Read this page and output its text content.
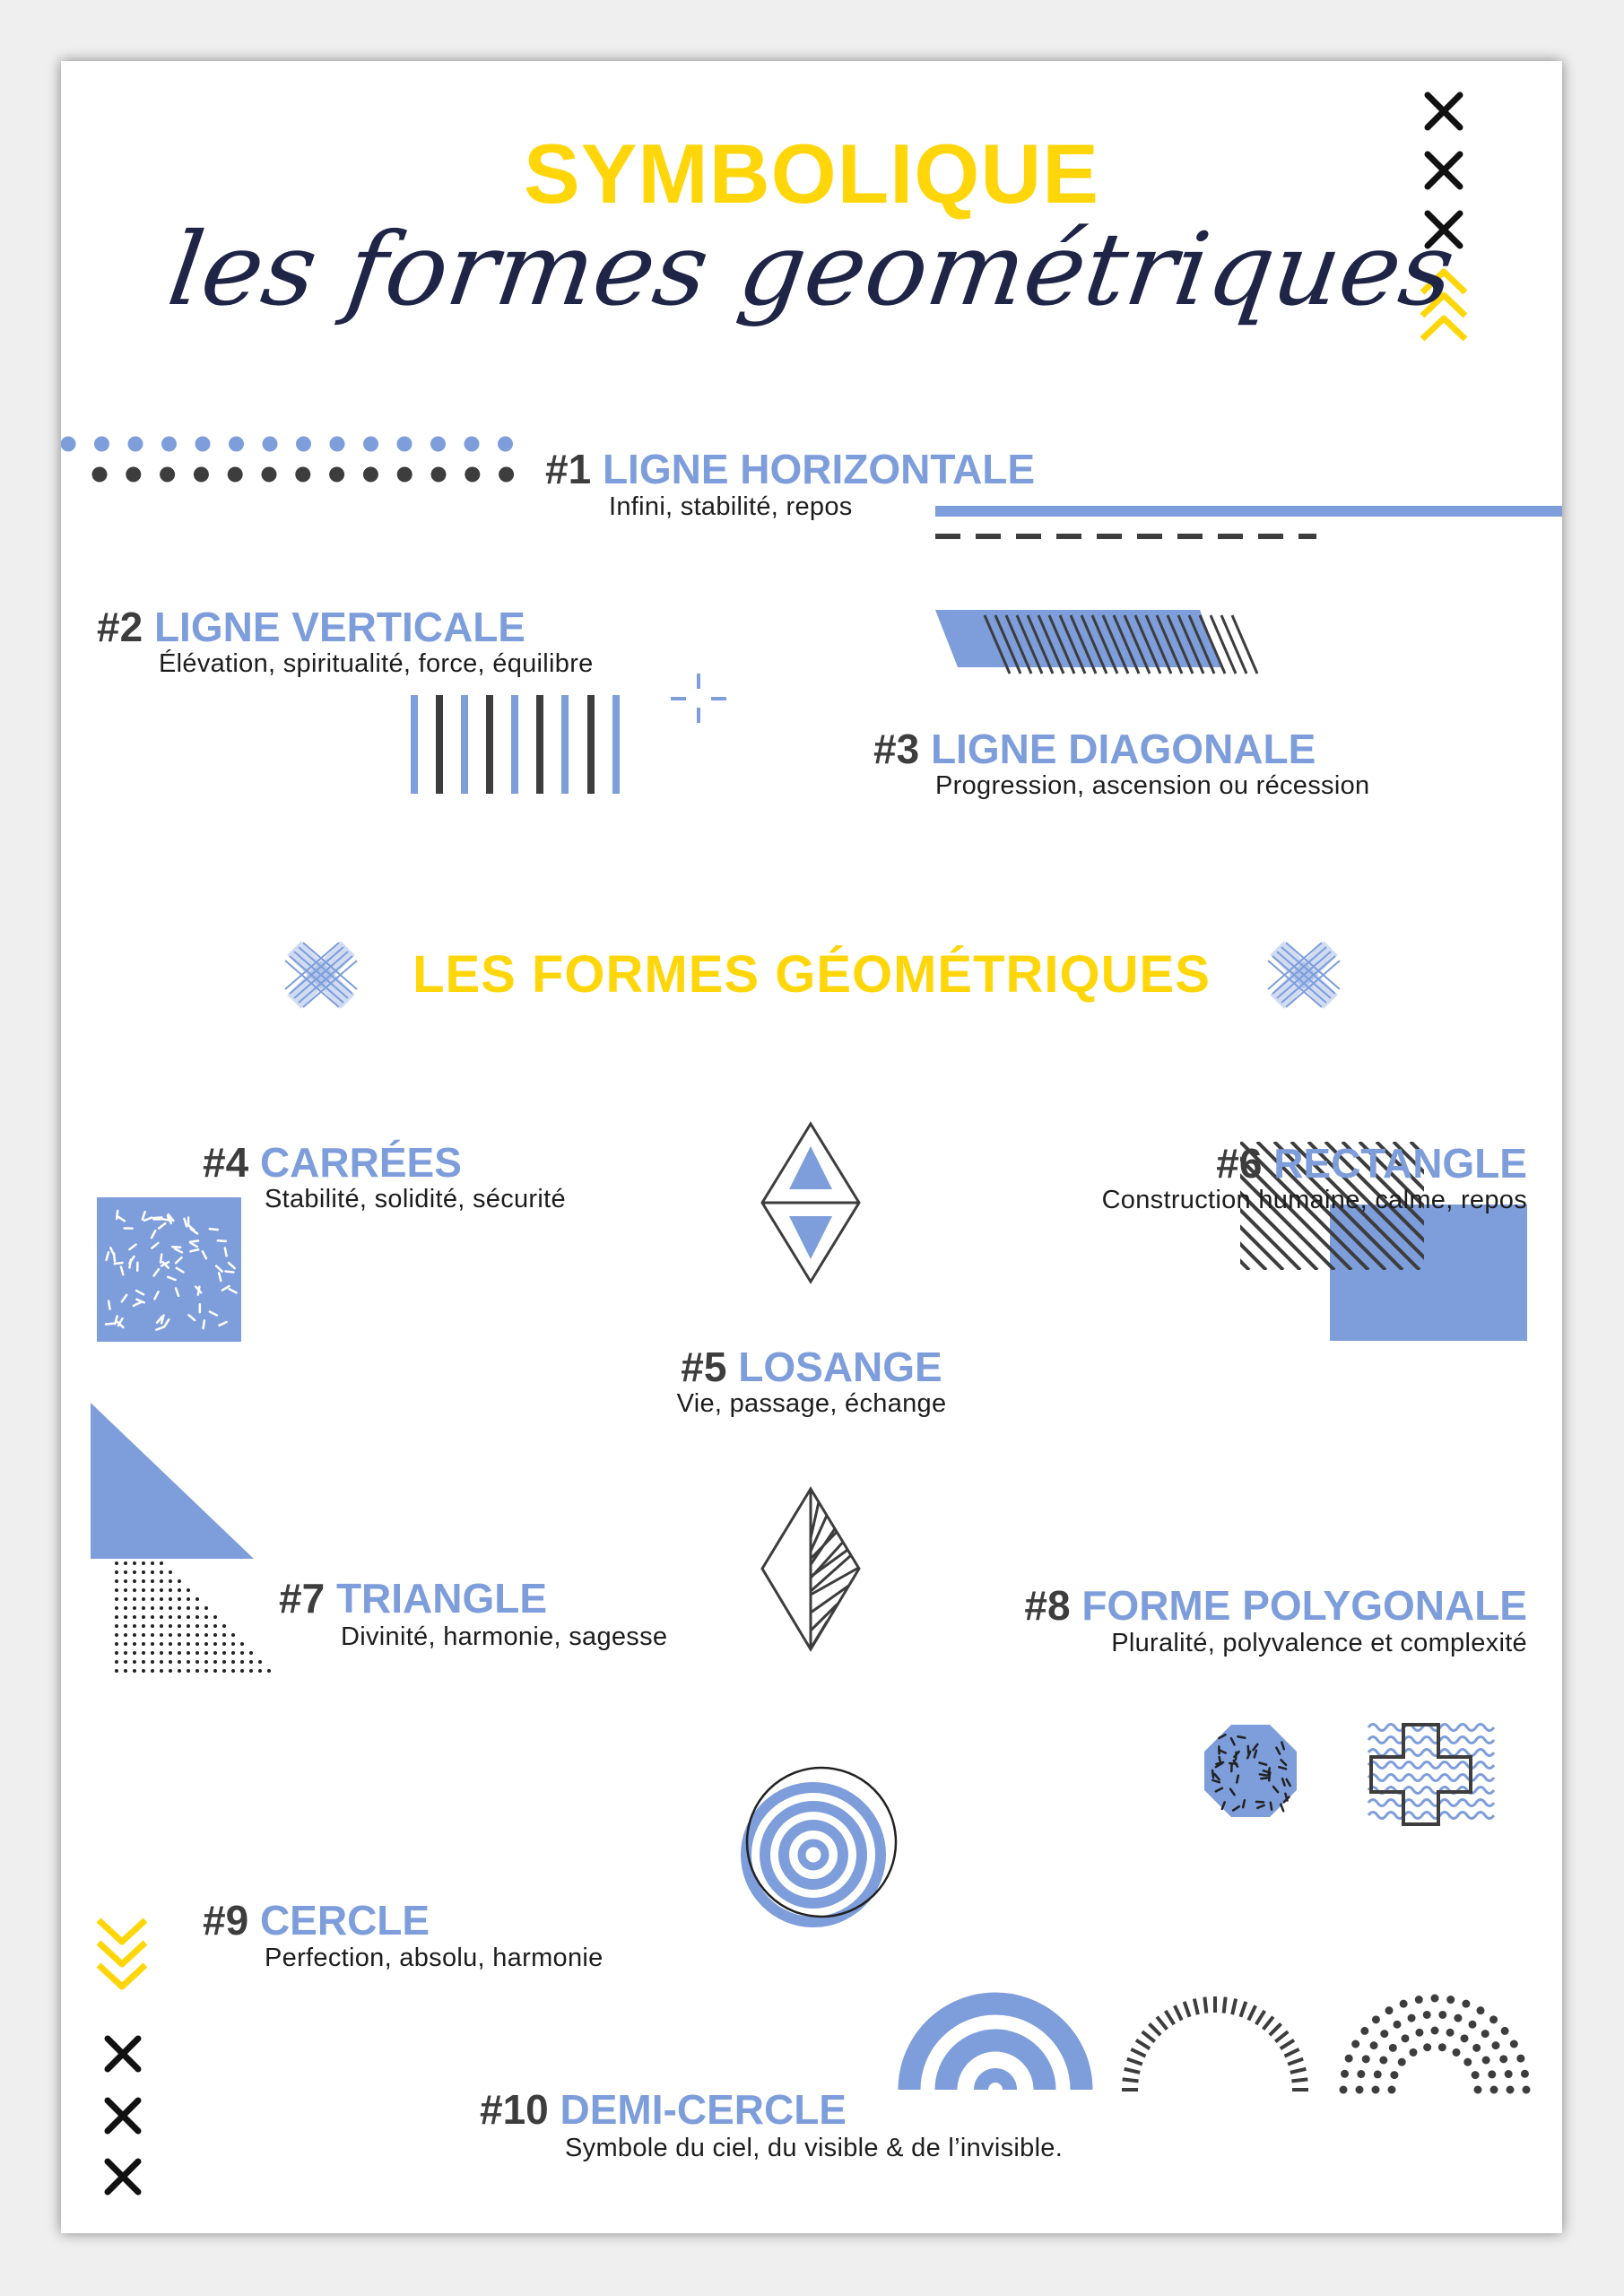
SYMBOLIQUE
les formes geométriques
#1 LIGNE HORIZONTALE
Infini, stabilité, repos
#2 LIGNE VERTICALE
Élévation, spiritualité, force, équilibre
#3 LIGNE DIAGONALE
Progression, ascension ou récession
LES FORMES GÉOMÉTRIQUES
#4 CARRÉES
Stabilité, solidité, sécurité
#6 RECTANGLE
Construction humaine, calme, repos
#5 LOSANGE
Vie, passage, échange
#7 TRIANGLE
Divinité, harmonie, sagesse
#8 FORME POLYGONALE
Pluralité, polyvalence et complexité
#9 CERCLE
Perfection, absolu, harmonie
#10 DEMI-CERCLE
Symbole du ciel, du visible & de l’invisible.
